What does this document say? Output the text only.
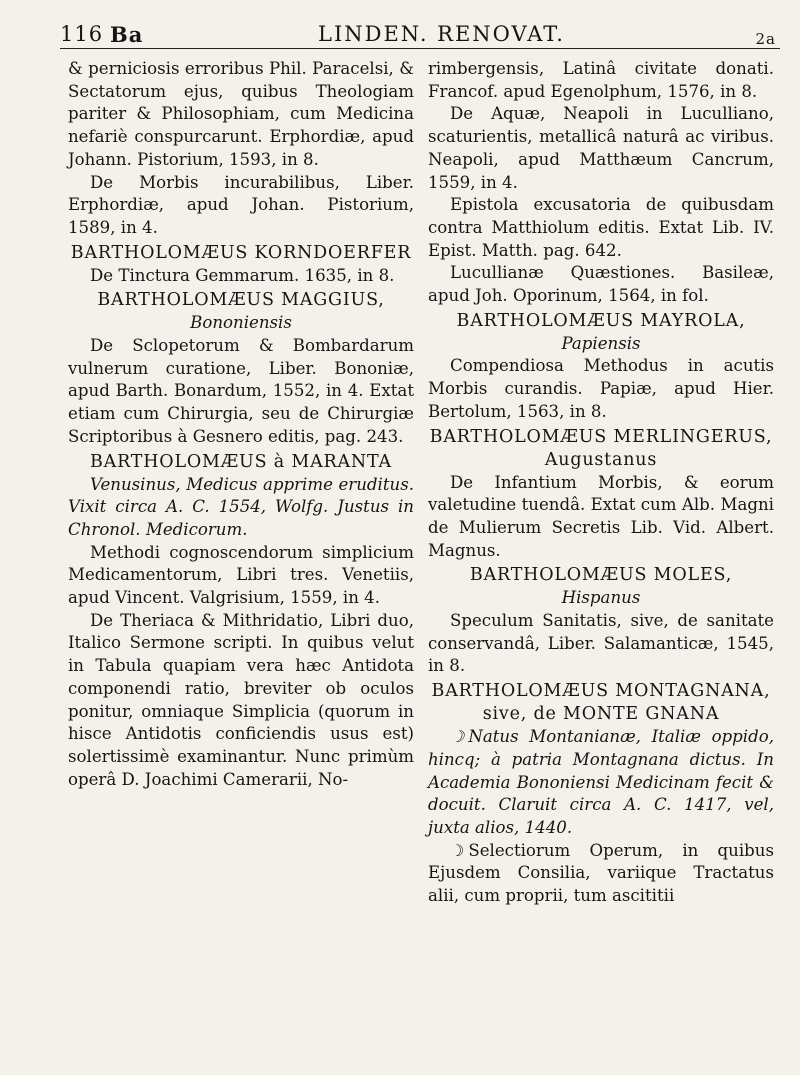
116 Ba	LINDEN. RENOVAT.	2a

& perniciosis erroribus Phil. Paracelsi, & Sectatorum ejus, quibus Theologiam pariter & Philosophiam, cum Medicina nefariè conspurcarunt. Erphordiæ, apud Johann. Pistorium, 1593, in 8.

De Morbis incurabilibus, Liber. Erphordiæ, apud Johan. Pistorium, 1589, in 4.

BARTHOLOMÆUS KORNDOERFER

De Tinctura Gemmarum. 1635, in 8.

BARTHOLOMÆUS MAGGIUS,

Bononiensis

De Sclopetorum & Bombardarum vulnerum curatione, Liber. Bononiæ, apud Barth. Bonardum, 1552, in 4. Extat etiam cum Chirurgia, seu de Chirurgiæ Scriptoribus à Gesnero editis, pag. 243.

BARTHOLOMÆUS à MARANTA

Venusinus, Medicus apprime eruditus. Vixit circa A. C. 1554, Wolfg. Justus in Chronol. Medicorum.

Methodi cognoscendorum simplicium Medicamentorum, Libri tres. Venetiis, apud Vincent. Valgrisium, 1559, in 4.

De Theriaca & Mithridatio, Libri duo, Italico Sermone scripti. In quibus velut in Tabula quapiam vera hæc Antidota componendi ratio, breviter ob oculos ponitur, omniaque Simplicia (quorum in hisce Antidotis conficiendis usus est) solertissimè examinantur. Nunc primùm operâ D. Joachimi Camerarii, No-

rimbergensis, Latinâ civitate donati. Francof. apud Egenolphum, 1576, in 8.

De Aquæ, Neapoli in Luculliano, scaturientis, metallicâ naturâ ac viribus. Neapoli, apud Matthæum Cancrum, 1559, in 4.

Epistola excusatoria de quibusdam contra Matthiolum editis. Extat Lib. IV. Epist. Matth. pag. 642.

Lucullianæ Quæstiones. Basileæ, apud Joh. Oporinum, 1564, in fol.

BARTHOLOMÆUS MAYROLA,

Papiensis

Compendiosa Methodus in acutis Morbis curandis. Papiæ, apud Hier. Bertolum, 1563, in 8.

BARTHOLOMÆUS MERLINGERUS, Augustanus

De Infantium Morbis, & eorum valetudine tuendâ. Extat cum Alb. Magni de Mulierum Secretis Lib. Vid. Albert. Magnus.

BARTHOLOMÆUS MOLES,

Hispanus

Speculum Sanitatis, sive, de sanitate conservandâ, Liber. Salamanticæ, 1545, in 8.

BARTHOLOMÆUS MONTAGNANA, sive, de MONTE GNANA

☽ Natus Montanianæ, Italiæ oppido, hincq; à patria Montagnana dictus. In Academia Bononiensi Medicinam fecit & docuit. Claruit circa A. C. 1417, vel, juxta alios, 1440.

☽ Selectiorum Operum, in quibus Ejusdem Consilia, variique Tractatus alii, cum proprii, tum ascititii
